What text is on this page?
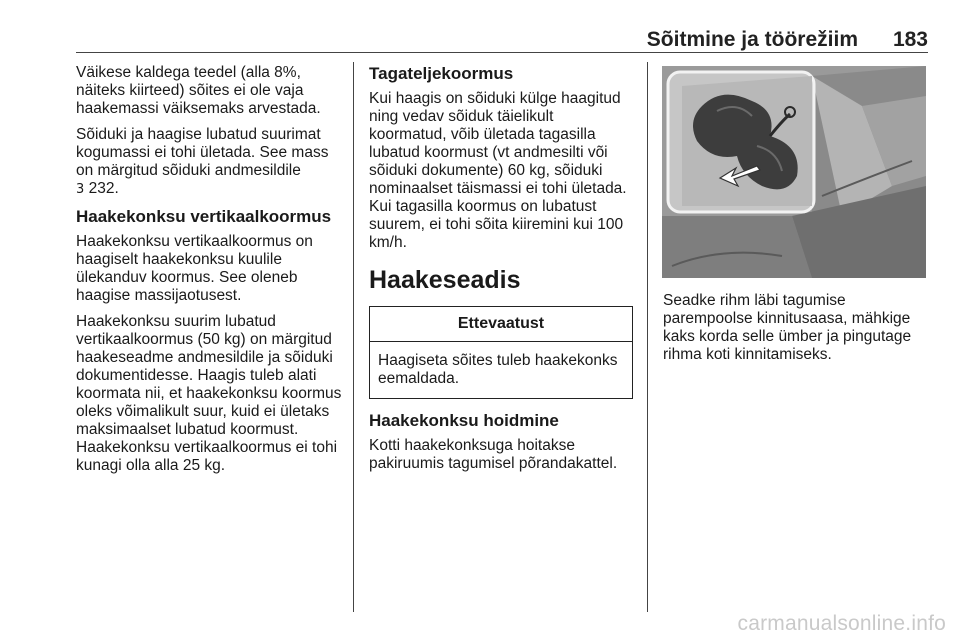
Sõitmine ja töörežiim 183

Väikese kaldega teedel (alla 8%, näiteks kiirteed) sõites ei ole vaja haakemassi väiksemaks arvestada.

Sõiduki ja haagise lubatud suurimat kogumassi ei tohi ületada. See mass on märgitud sõiduki andmesildile
3 232.

Haakekonksu vertikaalkoormus

Haakekonksu vertikaalkoormus on haagiselt haakekonksu kuulile ülekanduv koormus. See oleneb haagise massijaotusest.

Haakekonksu suurim lubatud vertikaalkoormus (50 kg) on märgitud haakeseadme andmesildile ja sõiduki dokumentidesse. Haagis tuleb alati koormata nii, et haakekonksu koormus oleks võimalikult suur, kuid ei ületaks maksimaalset lubatud koormust. Haakekonksu vertikaalkoormus ei tohi kunagi olla alla 25 kg.

Tagateljekoormus

Kui haagis on sõiduki külge haagitud ning vedav sõiduk täielikult koormatud, võib ületada tagasilla lubatud koormust (vt andmesilti või sõiduki dokumente) 60 kg, sõiduki nominaalset täismassi ei tohi ületada. Kui tagasilla koormus on lubatust suurem, ei tohi sõita kiiremini kui 100 km/h.

Haakeseadis
Ettevaatust
Haagiseta sõites tuleb haakekonks eemaldada.
Haakekonksu hoidmine

Kotti haakekonksuga hoitakse pakiruumis tagumisel põrandakattel.

Seadke rihm läbi tagumise parempoolse kinnitusaasa, mähkige kaks korda selle ümber ja pingutage rihma koti kinnitamiseks.

carmanualsonline.info
